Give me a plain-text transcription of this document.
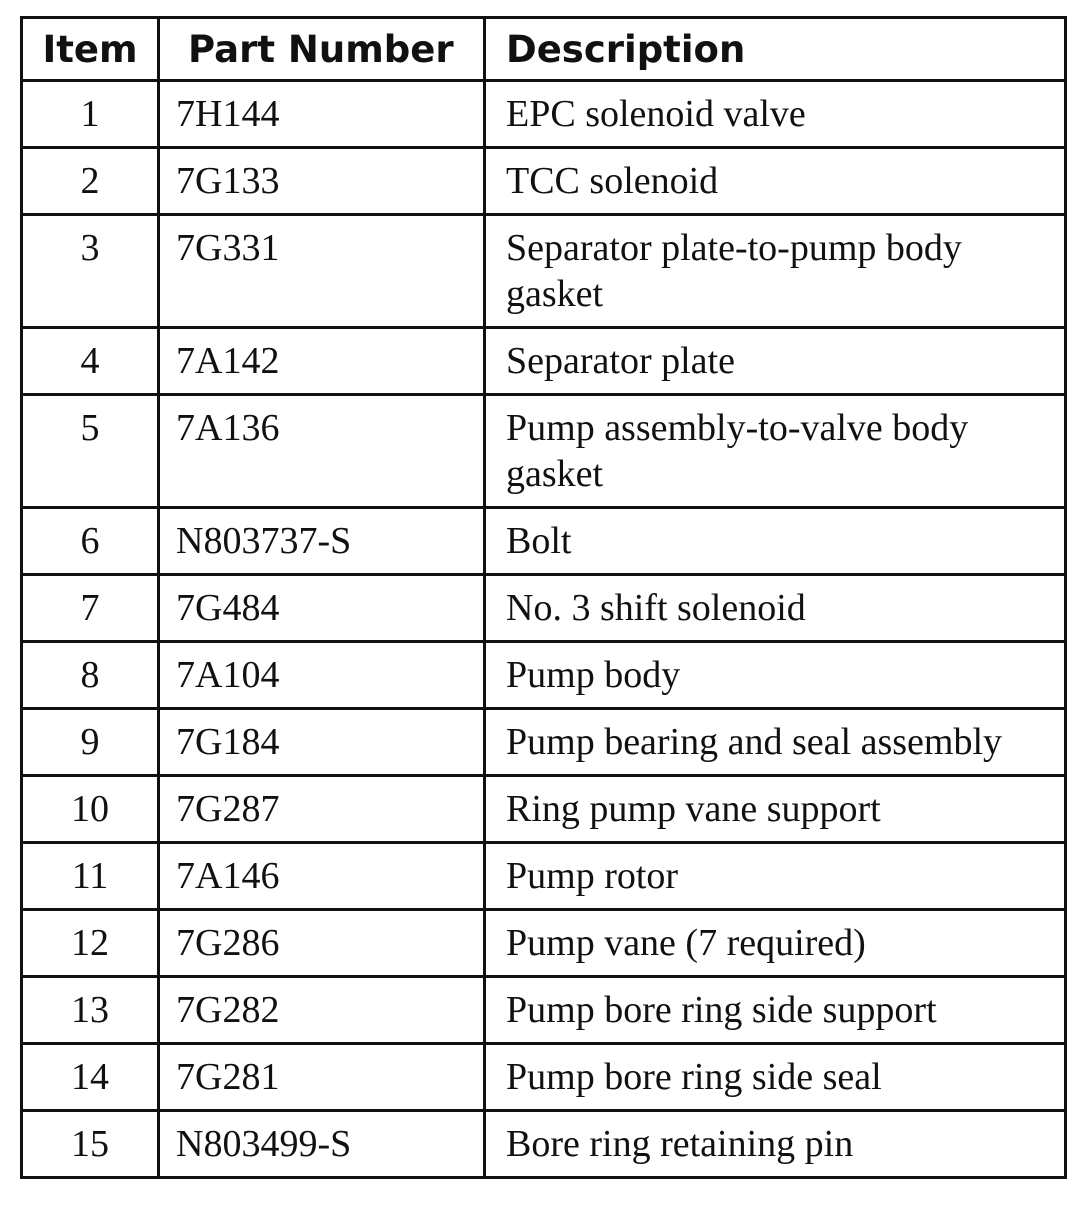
Item	Part Number	Description
1	7H144	EPC solenoid valve
2	7G133	TCC solenoid
3	7G331	Separator plate-to-pump body gasket
4	7A142	Separator plate
5	7A136	Pump assembly-to-valve body gasket
6	N803737-S	Bolt
7	7G484	No. 3 shift solenoid
8	7A104	Pump body
9	7G184	Pump bearing and seal assembly
10	7G287	Ring pump vane support
11	7A146	Pump rotor
12	7G286	Pump vane (7 required)
13	7G282	Pump bore ring side support
14	7G281	Pump bore ring side seal
15	N803499-S	Bore ring retaining pin
